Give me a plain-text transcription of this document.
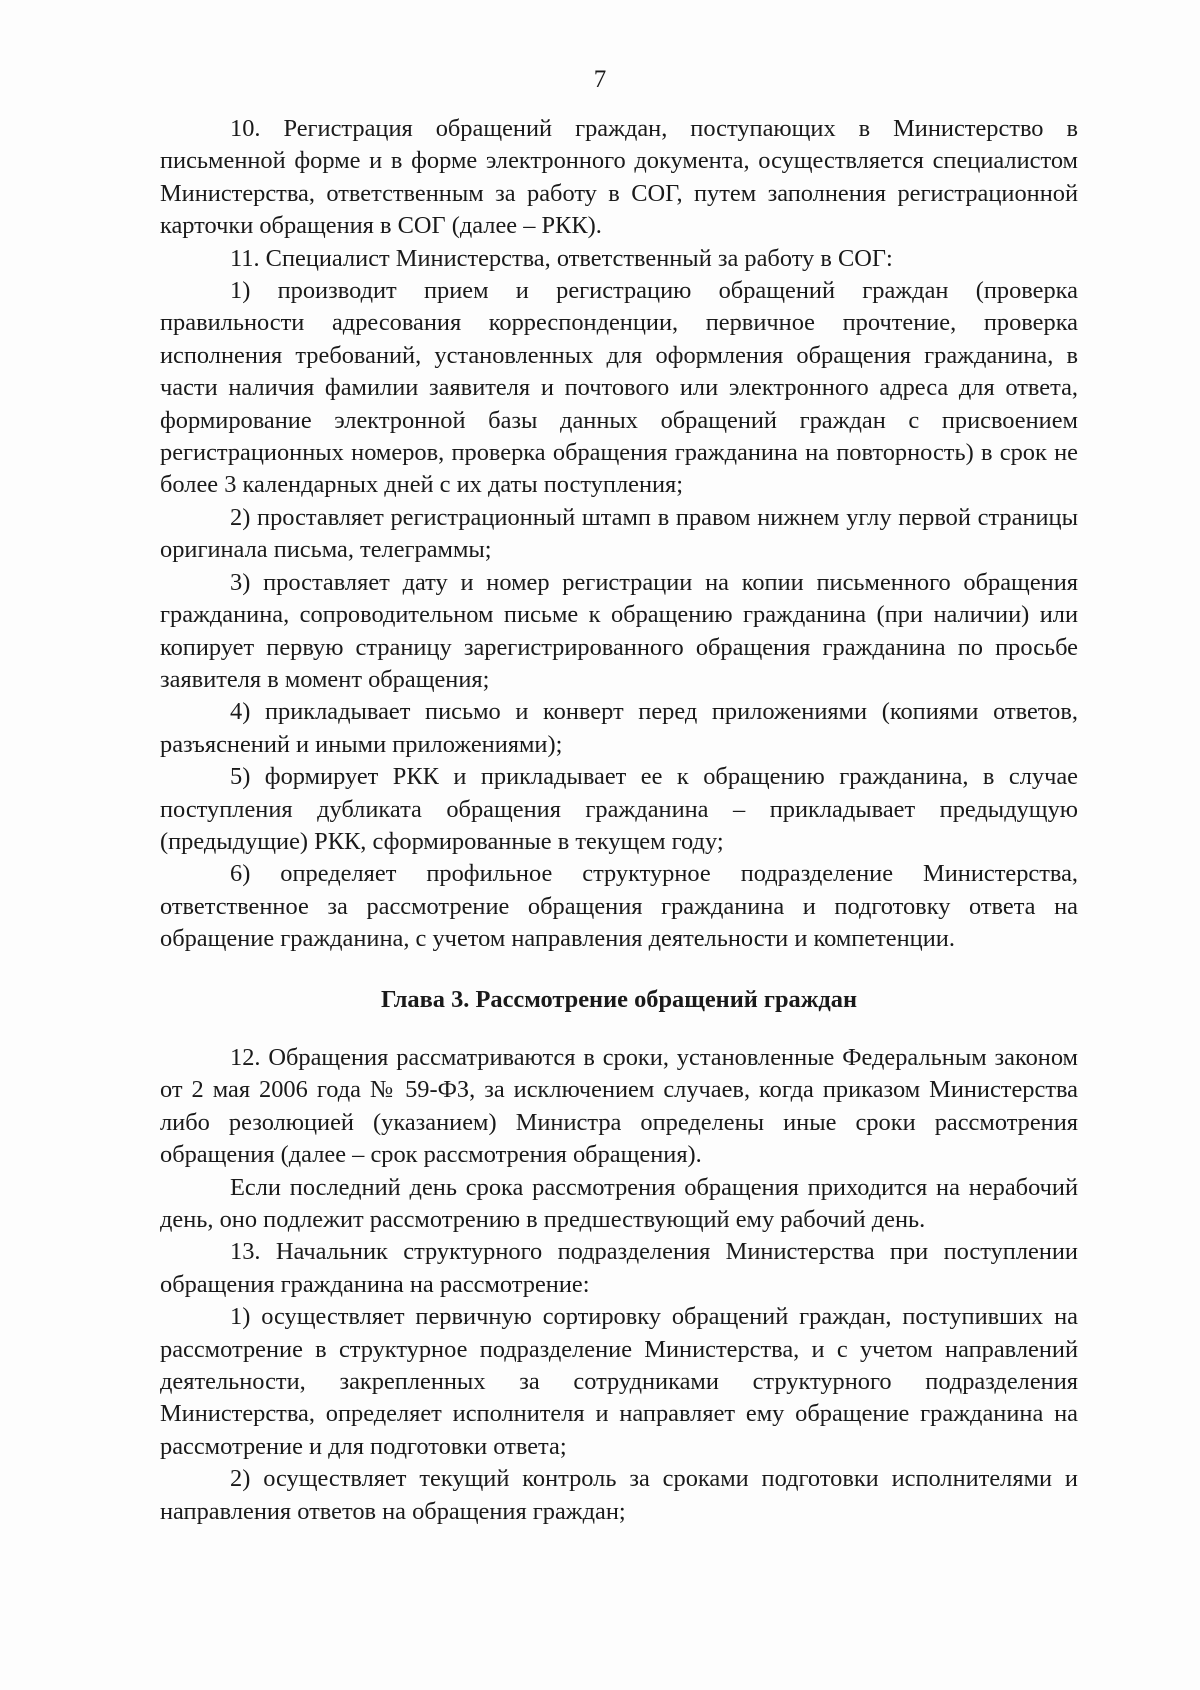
7

10. Регистрация обращений граждан, поступающих в Министерство в письменной форме и в форме электронного документа, осуществляется специалистом Министерства, ответственным за работу в СОГ, путем заполнения регистрационной карточки обращения в СОГ (далее – РКК).

11. Специалист Министерства, ответственный за работу в СОГ:

1) производит прием и регистрацию обращений граждан (проверка правильности адресования корреспонденции, первичное прочтение, проверка исполнения требований, установленных для оформления обращения гражданина, в части наличия фамилии заявителя и почтового или электронного адреса для ответа, формирование электронной базы данных обращений граждан с присвоением регистрационных номеров, проверка обращения гражданина на повторность) в срок не более 3 календарных дней с их даты поступления;

2) проставляет регистрационный штамп в правом нижнем углу первой страницы оригинала письма, телеграммы;

3) проставляет дату и номер регистрации на копии письменного обращения гражданина, сопроводительном письме к обращению гражданина (при наличии) или копирует первую страницу зарегистрированного обращения гражданина по просьбе заявителя в момент обращения;

4) прикладывает письмо и конверт перед приложениями (копиями ответов, разъяснений и иными приложениями);

5) формирует РКК и прикладывает ее к обращению гражданина, в случае поступления дубликата обращения гражданина – прикладывает предыдущую (предыдущие) РКК, сформированные в текущем году;

6) определяет профильное структурное подразделение Министерства, ответственное за рассмотрение обращения гражданина и подготовку ответа на обращение гражданина, с учетом направления деятельности и компетенции.

Глава 3. Рассмотрение обращений граждан

12. Обращения рассматриваются в сроки, установленные Федеральным законом от 2 мая 2006 года № 59-ФЗ, за исключением случаев, когда приказом Министерства либо резолюцией (указанием) Министра определены иные сроки рассмотрения обращения (далее – срок рассмотрения обращения).

Если последний день срока рассмотрения обращения приходится на нерабочий день, оно подлежит рассмотрению в предшествующий ему рабочий день.

13. Начальник структурного подразделения Министерства при поступлении обращения гражданина на рассмотрение:

1) осуществляет первичную сортировку обращений граждан, поступивших на рассмотрение в структурное подразделение Министерства, и с учетом направлений деятельности, закрепленных за сотрудниками структурного подразделения Министерства, определяет исполнителя и направляет ему обращение гражданина на рассмотрение и для подготовки ответа;

2) осуществляет текущий контроль за сроками подготовки исполнителями и направления ответов на обращения граждан;
